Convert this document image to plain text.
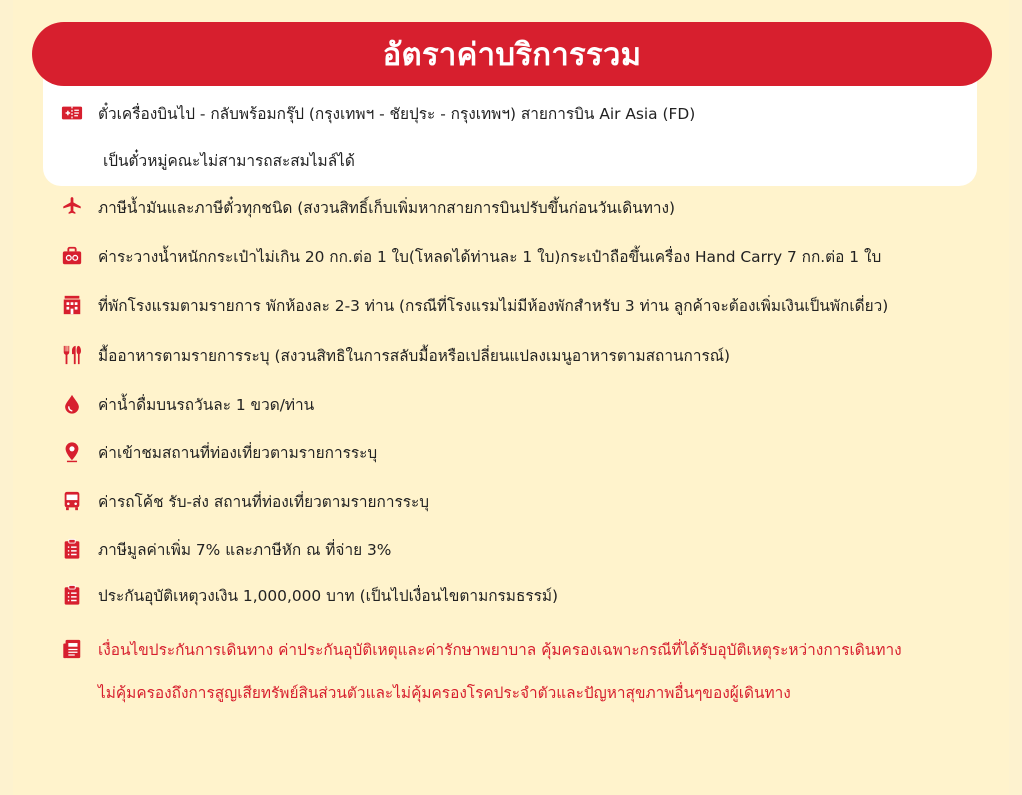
อัตราค่าบริการรวม
ตั๋วเครื่องบินไป - กลับพร้อมกรุ๊ป (กรุงเทพฯ - ชัยปุระ - กรุงเทพฯ) สายการบิน Air Asia (FD)
เป็นตั๋วหมู่คณะไม่สามารถสะสมไมล์ได้
ภาษีน้ำมันและภาษีตั๋วทุกชนิด (สงวนสิทธิ์เก็บเพิ่มหากสายการบินปรับขึ้นก่อนวันเดินทาง)
ค่าระวางน้ำหนักกระเป๋าไม่เกิน 20 กก.ต่อ 1 ใบ(โหลดได้ท่านละ 1 ใบ)กระเป๋าถือขึ้นเครื่อง Hand Carry 7 กก.ต่อ 1 ใบ
ที่พักโรงแรมตามรายการ พักห้องละ 2-3 ท่าน (กรณีที่โรงแรมไม่มีห้องพักสำหรับ 3 ท่าน ลูกค้าจะต้องเพิ่มเงินเป็นพักเดี่ยว)
มื้ออาหารตามรายการระบุ (สงวนสิทธิในการสลับมื้อหรือเปลี่ยนแปลงเมนูอาหารตามสถานการณ์)
ค่าน้ำดื่มบนรถวันละ 1 ขวด/ท่าน
ค่าเข้าชมสถานที่ท่องเที่ยวตามรายการระบุ
ค่ารถโค้ช รับ-ส่ง สถานที่ท่องเที่ยวตามรายการระบุ
ภาษีมูลค่าเพิ่ม 7% และภาษีหัก ณ ที่จ่าย 3%
ประกันอุบัติเหตุวงเงิน 1,000,000 บาท (เป็นไปเงื่อนไขตามกรมธรรม์)
เงื่อนไขประกันการเดินทาง ค่าประกันอุบัติเหตุและค่ารักษาพยาบาล คุ้มครองเฉพาะกรณีที่ได้รับอุบัติเหตุระหว่างการเดินทาง
ไม่คุ้มครองถึงการสูญเสียทรัพย์สินส่วนตัวและไม่คุ้มครองโรคประจำตัวและปัญหาสุขภาพอื่นๆของผู้เดินทาง
